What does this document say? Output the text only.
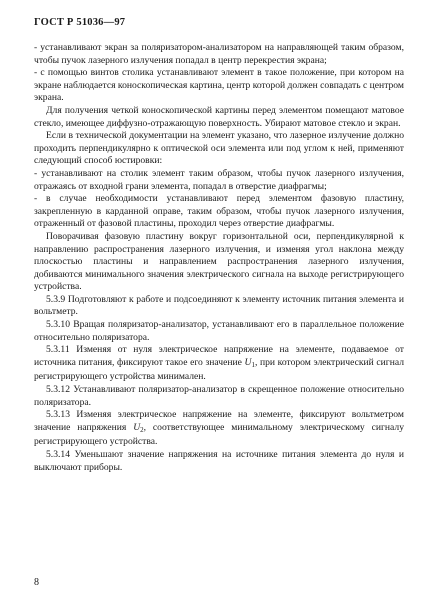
ГОСТ Р 51036—97

- устанавливают экран за поляризатором-анализатором на направляющей таким образом, чтобы пучок лазерного излучения попадал в центр перекрестия экрана;

- с помощью винтов столика устанавливают элемент в такое положение, при котором на экране наблюдается коноскопическая картина, центр которой должен совпадать с центром экрана.

Для получения четкой коноскопической картины перед элементом помещают матовое стекло, имеющее диффузно-отражающую поверхность. Убирают матовое стекло и экран.

Если в технической документации на элемент указано, что лазерное излучение должно проходить перпендикулярно к оптической оси элемента или под углом к ней, применяют следующий способ юстировки:

- устанавливают на столик элемент таким образом, чтобы пучок лазерного излучения, отражаясь от входной грани элемента, попадал в отверстие диафрагмы;

- в случае необходимости устанавливают перед элементом фазовую пластину, закрепленную в карданной оправе, таким образом, чтобы пучок лазерного излучения, отраженный от фазовой пластины, проходил через отверстие диафрагмы.

Поворачивая фазовую пластину вокруг горизонтальной оси, перпендикулярной к направлению распространения лазерного излучения, и изменяя угол наклона между плоскостью пластины и направлением распространения лазерного излучения, добиваются минимального значения электрического сигнала на выходе регистрирующего устройства.

5.3.9 Подготовляют к работе и подсоединяют к элементу источник питания элемента и вольтметр.

5.3.10 Вращая поляризатор-анализатор, устанавливают его в параллельное положение относительно поляризатора.

5.3.11 Изменяя от нуля электрическое напряжение на элементе, подаваемое от источника питания, фиксируют такое его значение $U_1$, при котором электрический сигнал регистрирующего устройства минимален.

5.3.12 Устанавливают поляризатор-анализатор в скрещенное положение относительно поляризатора.

5.3.13 Изменяя электрическое напряжение на элементе, фиксируют вольтметром значение напряжения $U_2$, соответствующее минимальному электрическому сигналу регистрирующего устройства.

5.3.14 Уменьшают значение напряжения на источнике питания элемента до нуля и выключают приборы.

8
